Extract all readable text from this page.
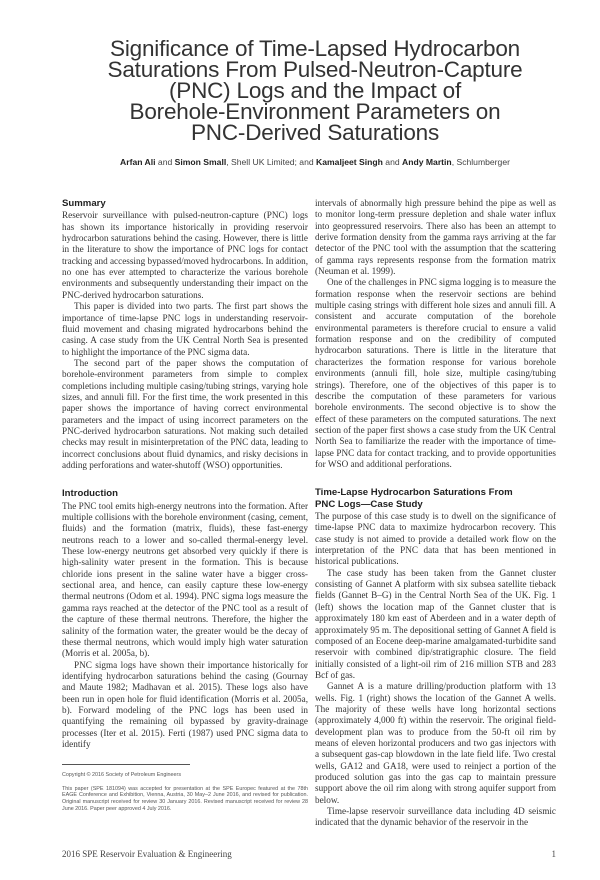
Significance of Time-Lapsed Hydrocarbon
Saturations From Pulsed-Neutron-Capture
(PNC) Logs and the Impact of
Borehole-Environment Parameters on
PNC-Derived Saturations
Arfan Ali and Simon Small, Shell UK Limited; and Kamaljeet Singh and Andy Martin, Schlumberger
Summary

Reservoir surveillance with pulsed-neutron-capture (PNC) logs has shown its importance historically in providing reservoir hydrocarbon saturations behind the casing. However, there is little in the literature to show the importance of PNC logs for contact tracking and accessing bypassed/moved hydrocarbons. In addition, no one has ever attempted to characterize the various borehole environments and subsequently understanding their impact on the PNC-derived hydrocarbon saturations.

This paper is divided into two parts. The first part shows the importance of time-lapse PNC logs in understanding reservoir-fluid movement and chasing migrated hydrocarbons behind the casing. A case study from the UK Central North Sea is presented to highlight the importance of the PNC sigma data.

The second part of the paper shows the computation of borehole-environment parameters from simple to complex completions including multiple casing/tubing strings, varying hole sizes, and annuli fill. For the first time, the work presented in this paper shows the importance of having correct environmental parameters and the impact of using incorrect parameters on the PNC-derived hydrocarbon saturations. Not making such detailed checks may result in misinterpretation of the PNC data, leading to incorrect conclusions about fluid dynamics, and risky decisions in adding perforations and water-shutoff (WSO) opportunities.

Introduction

The PNC tool emits high-energy neutrons into the formation. After multiple collisions with the borehole environment (casing, cement, fluids) and the formation (matrix, fluids), these fast-energy neutrons reach to a lower and so-called thermal-energy level. These low-energy neutrons get absorbed very quickly if there is high-salinity water present in the formation. This is because chloride ions present in the saline water have a bigger cross-sectional area, and hence, can easily capture these low-energy thermal neutrons (Odom et al. 1994). PNC sigma logs measure the gamma rays reached at the detector of the PNC tool as a result of the capture of these thermal neutrons. Therefore, the higher the salinity of the formation water, the greater would be the decay of these thermal neutrons, which would imply high water saturation (Morris et al. 2005a, b).

PNC sigma logs have shown their importance historically for identifying hydrocarbon saturations behind the casing (Gournay and Maute 1982; Madhavan et al. 2015). These logs also have been run in open hole for fluid identification (Morris et al. 2005a, b). Forward modeling of the PNC logs has been used in quantifying the remaining oil bypassed by gravity-drainage processes (Iter et al. 2015). Ferti (1987) used PNC sigma data to identify

Copyright © 2016 Society of Petroleum Engineers
This paper (SPE 181094) was accepted for presentation at the SPE Europec featured at the 78th EAGE Conference and Exhibition, Vienna, Austria, 30 May–2 June 2016, and revised for publication. Original manuscript received for review 30 January 2016. Revised manuscript received for review 28 June 2016. Paper peer approved 4 July 2016.

intervals of abnormally high pressure behind the pipe as well as to monitor long-term pressure depletion and shale water influx into geopressured reservoirs. There also has been an attempt to derive formation density from the gamma rays arriving at the far detector of the PNC tool with the assumption that the scattering of gamma rays represents response from the formation matrix (Neuman et al. 1999).

One of the challenges in PNC sigma logging is to measure the formation response when the reservoir sections are behind multiple casing strings with different hole sizes and annuli fill. A consistent and accurate computation of the borehole environmental parameters is therefore crucial to ensure a valid formation response and on the credibility of computed hydrocarbon saturations. There is little in the literature that characterizes the formation response for various borehole environments (annuli fill, hole size, multiple casing/tubing strings). Therefore, one of the objectives of this paper is to describe the computation of these parameters for various borehole environments. The second objective is to show the effect of these parameters on the computed saturations. The next section of the paper first shows a case study from the UK Central North Sea to familiarize the reader with the importance of time-lapse PNC data for contact tracking, and to provide opportunities for WSO and additional perforations.

Time-Lapse Hydrocarbon Saturations From
PNC Logs—Case Study

The purpose of this case study is to dwell on the significance of time-lapse PNC data to maximize hydrocarbon recovery. This case study is not aimed to provide a detailed work flow on the interpretation of the PNC data that has been mentioned in historical publications.

The case study has been taken from the Gannet cluster consisting of Gannet A platform with six subsea satellite tieback fields (Gannet B–G) in the Central North Sea of the UK. Fig. 1 (left) shows the location map of the Gannet cluster that is approximately 180 km east of Aberdeen and in a water depth of approximately 95 m. The depositional setting of Gannet A field is composed of an Eocene deep-marine amalgamated-turbidite sand reservoir with combined dip/stratigraphic closure. The field initially consisted of a light-oil rim of 216 million STB and 283 Bcf of gas.

Gannet A is a mature drilling/production platform with 13 wells. Fig. 1 (right) shows the location of the Gannet A wells. The majority of these wells have long horizontal sections (approximately 4,000 ft) within the reservoir. The original field-development plan was to produce from the 50-ft oil rim by means of eleven horizontal producers and two gas injectors with a subsequent gas-cap blowdown in the late field life. Two crestal wells, GA12 and GA18, were used to reinject a portion of the produced solution gas into the gas cap to maintain pressure support above the oil rim along with strong aquifer support from below.

Time-lapse reservoir surveillance data including 4D seismic indicated that the dynamic behavior of the reservoir in the

2016 SPE Reservoir Evaluation & Engineering	1
